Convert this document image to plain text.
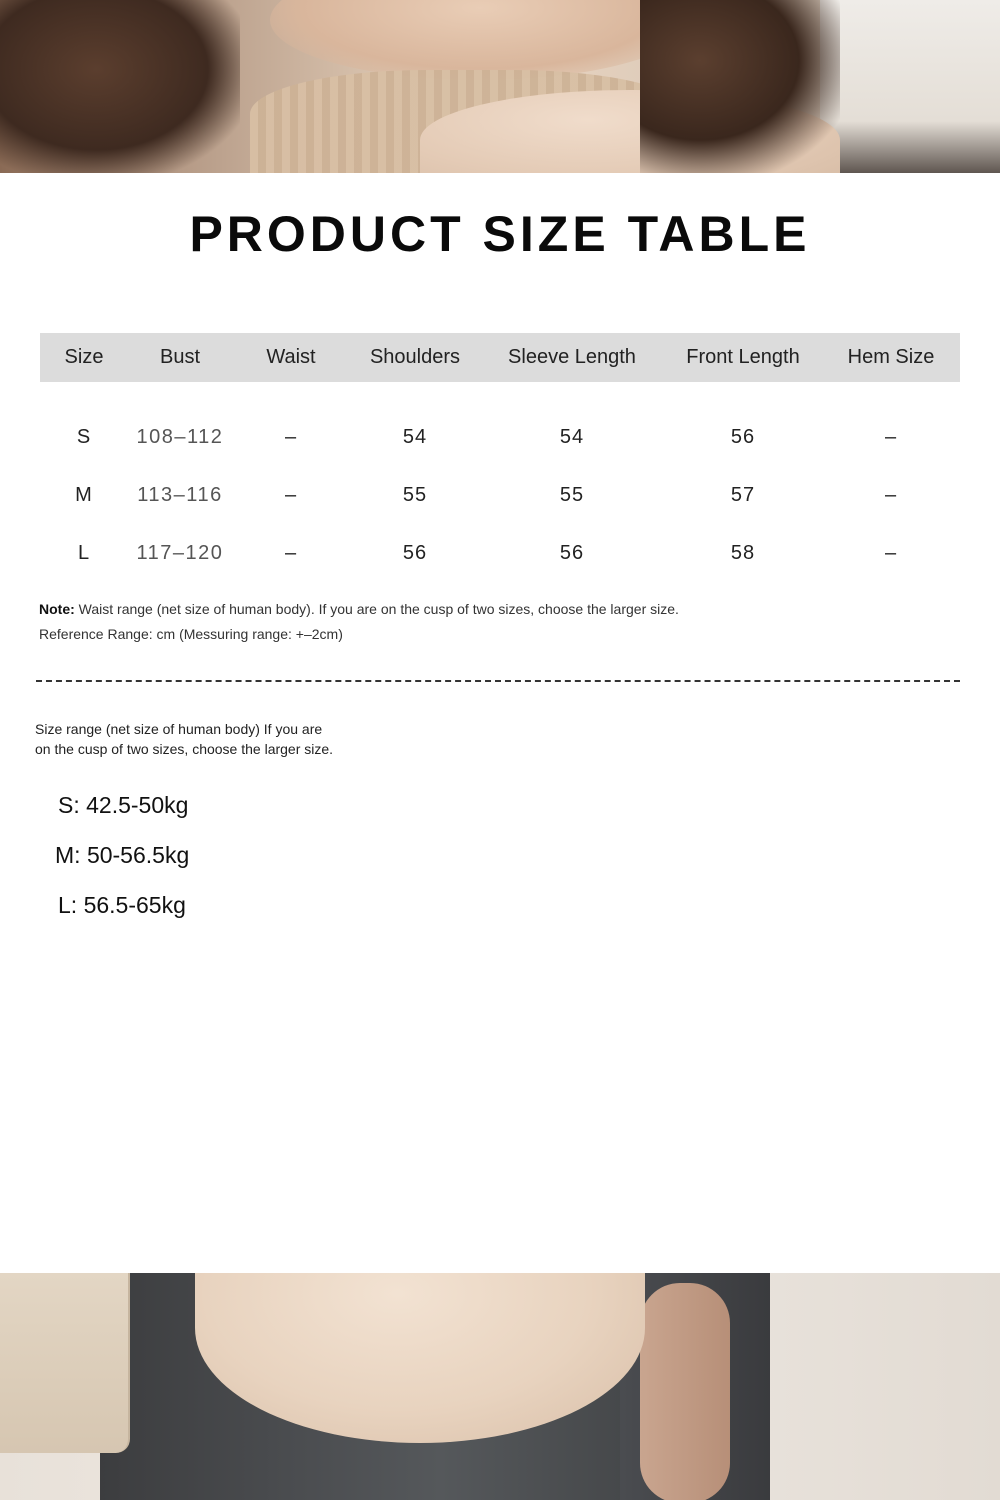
PRODUCT SIZE TABLE
Size	Bust	Waist	Shoulders	Sleeve Length	Front Length	Hem Size
S	108–112	–	54	54	56	–
M	113–116	–	55	55	57	–
L	117–120	–	56	56	58	–
Note: Waist range (net size of human body). If you are on the cusp of two sizes, choose the larger size.
Reference Range: cm (Messuring range: +–2cm)
Size range (net size of human body) If you are
on the cusp of two sizes, choose the larger size.
S: 42.5-50kg
M: 50-56.5kg
L: 56.5-65kg
